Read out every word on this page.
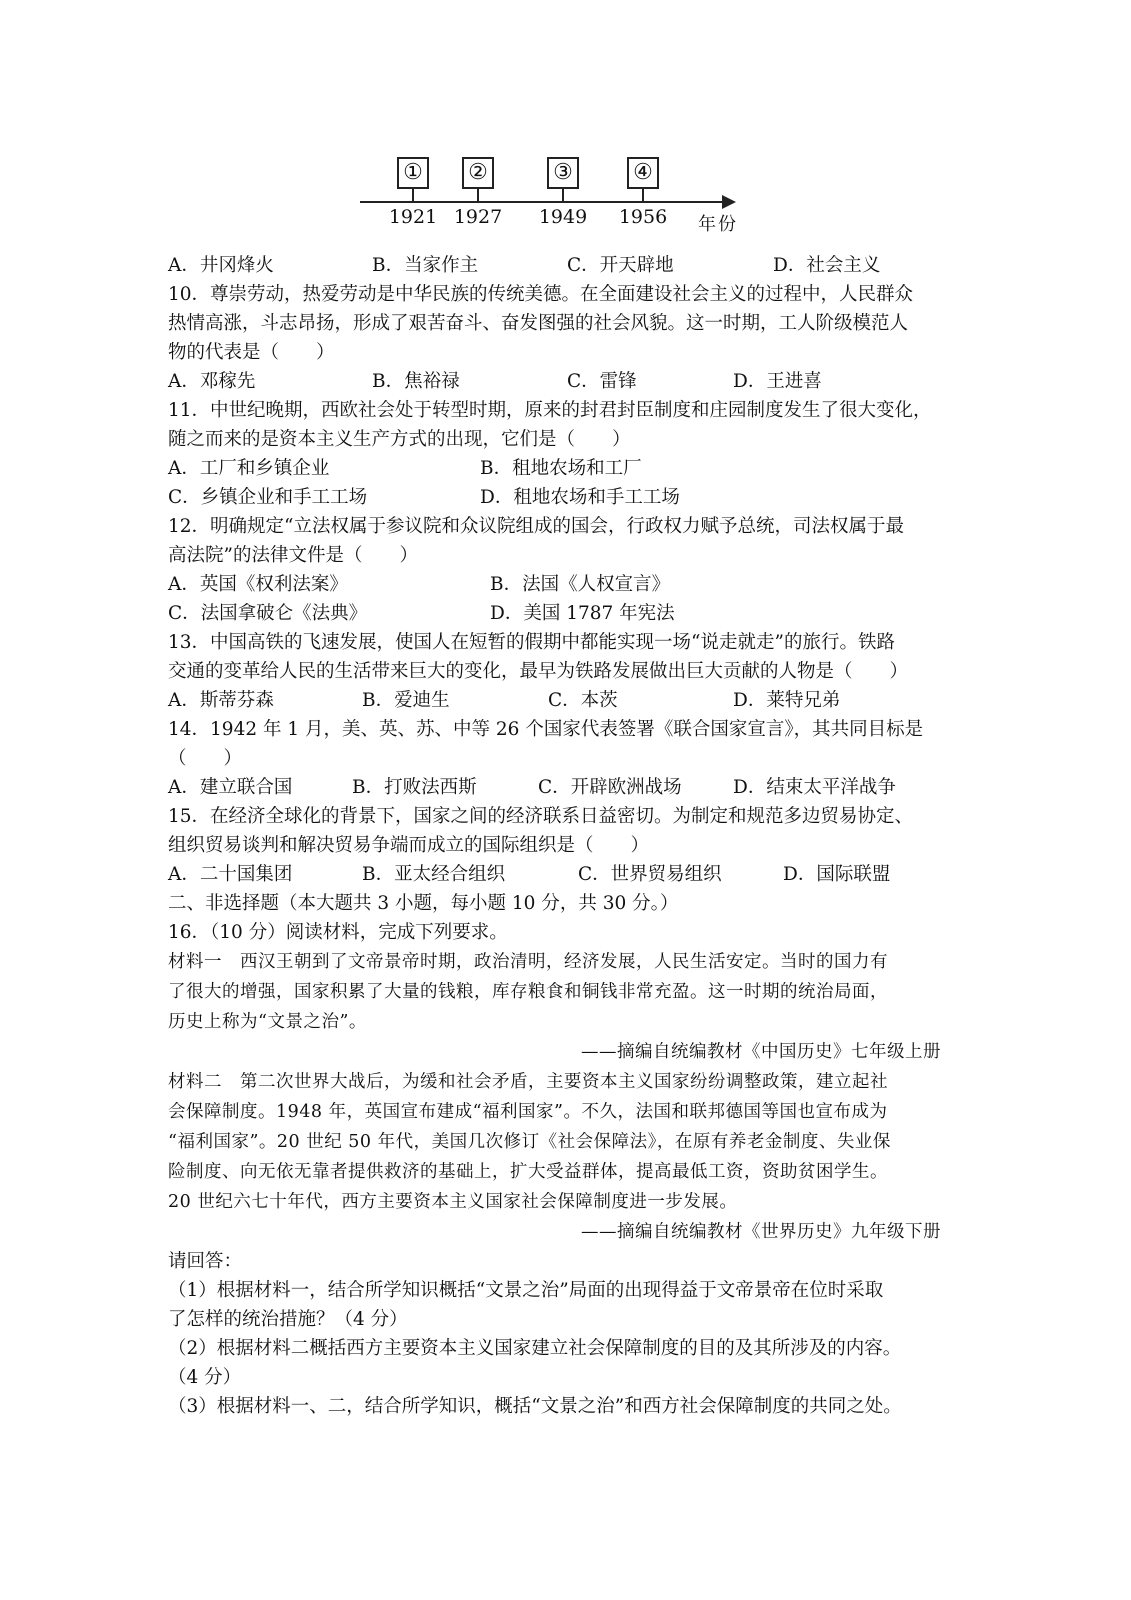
① ②	③	④
1921 1927	1949	1956	年份
A．井冈烽火	B．当家作主	C．开天辟地	D．社会主义
10．尊崇劳动，热爱劳动是中华民族的传统美德。在全面建设社会主义的过程中，人民群众
热情高涨，斗志昂扬，形成了艰苦奋斗、奋发图强的社会风貌。这一时期，工人阶级模范人
物的代表是（　　）
A．邓稼先	B．焦裕禄	C．雷锋	D．王进喜
11．中世纪晚期，西欧社会处于转型时期，原来的封君封臣制度和庄园制度发生了很大变化，
随之而来的是资本主义生产方式的出现，它们是（　　）
A．工厂和乡镇企业	B．租地农场和工厂
C．乡镇企业和手工工场	D．租地农场和手工工场
12．明确规定“立法权属于参议院和众议院组成的国会，行政权力赋予总统，司法权属于最
高法院”的法律文件是（　　）
A．英国《权利法案》	B．法国《人权宣言》
C．法国拿破仑《法典》	D．美国 1787 年宪法
13．中国高铁的飞速发展，使国人在短暂的假期中都能实现一场“说走就走”的旅行。铁路
交通的变革给人民的生活带来巨大的变化，最早为铁路发展做出巨大贡献的人物是（　　）
A．斯蒂芬森	B．爱迪生	C．本茨	D．莱特兄弟
14．1942 年 1 月，美、英、苏、中等 26 个国家代表签署《联合国家宣言》，其共同目标是
（　　）
A．建立联合国	B．打败法西斯	C．开辟欧洲战场	D．结束太平洋战争
15．在经济全球化的背景下，国家之间的经济联系日益密切。为制定和规范多边贸易协定、
组织贸易谈判和解决贸易争端而成立的国际组织是（　　）
A．二十国集团	B．亚太经合组织	C．世界贸易组织	D．国际联盟
二、非选择题（本大题共 3 小题，每小题 10 分，共 30 分。）
16．（10 分）阅读材料，完成下列要求。
材料一　西汉王朝到了文帝景帝时期，政治清明，经济发展，人民生活安定。当时的国力有
了很大的增强，国家积累了大量的钱粮，库存粮食和铜钱非常充盈。这一时期的统治局面，
历史上称为“文景之治”。
——摘编自统编教材《中国历史》七年级上册
材料二　第二次世界大战后，为缓和社会矛盾，主要资本主义国家纷纷调整政策，建立起社
会保障制度。1948 年，英国宣布建成“福利国家”。不久，法国和联邦德国等国也宣布成为
“福利国家”。20 世纪 50 年代，美国几次修订《社会保障法》，在原有养老金制度、失业保
险制度、向无依无靠者提供救济的基础上，扩大受益群体，提高最低工资，资助贫困学生。
20 世纪六七十年代，西方主要资本主义国家社会保障制度进一步发展。
——摘编自统编教材《世界历史》九年级下册
请回答：
（1）根据材料一，结合所学知识概括“文景之治”局面的出现得益于文帝景帝在位时采取
了怎样的统治措施？（4 分）
（2）根据材料二概括西方主要资本主义国家建立社会保障制度的目的及其所涉及的内容。
（4 分）
（3）根据材料一、二，结合所学知识，概括“文景之治”和西方社会保障制度的共同之处。
